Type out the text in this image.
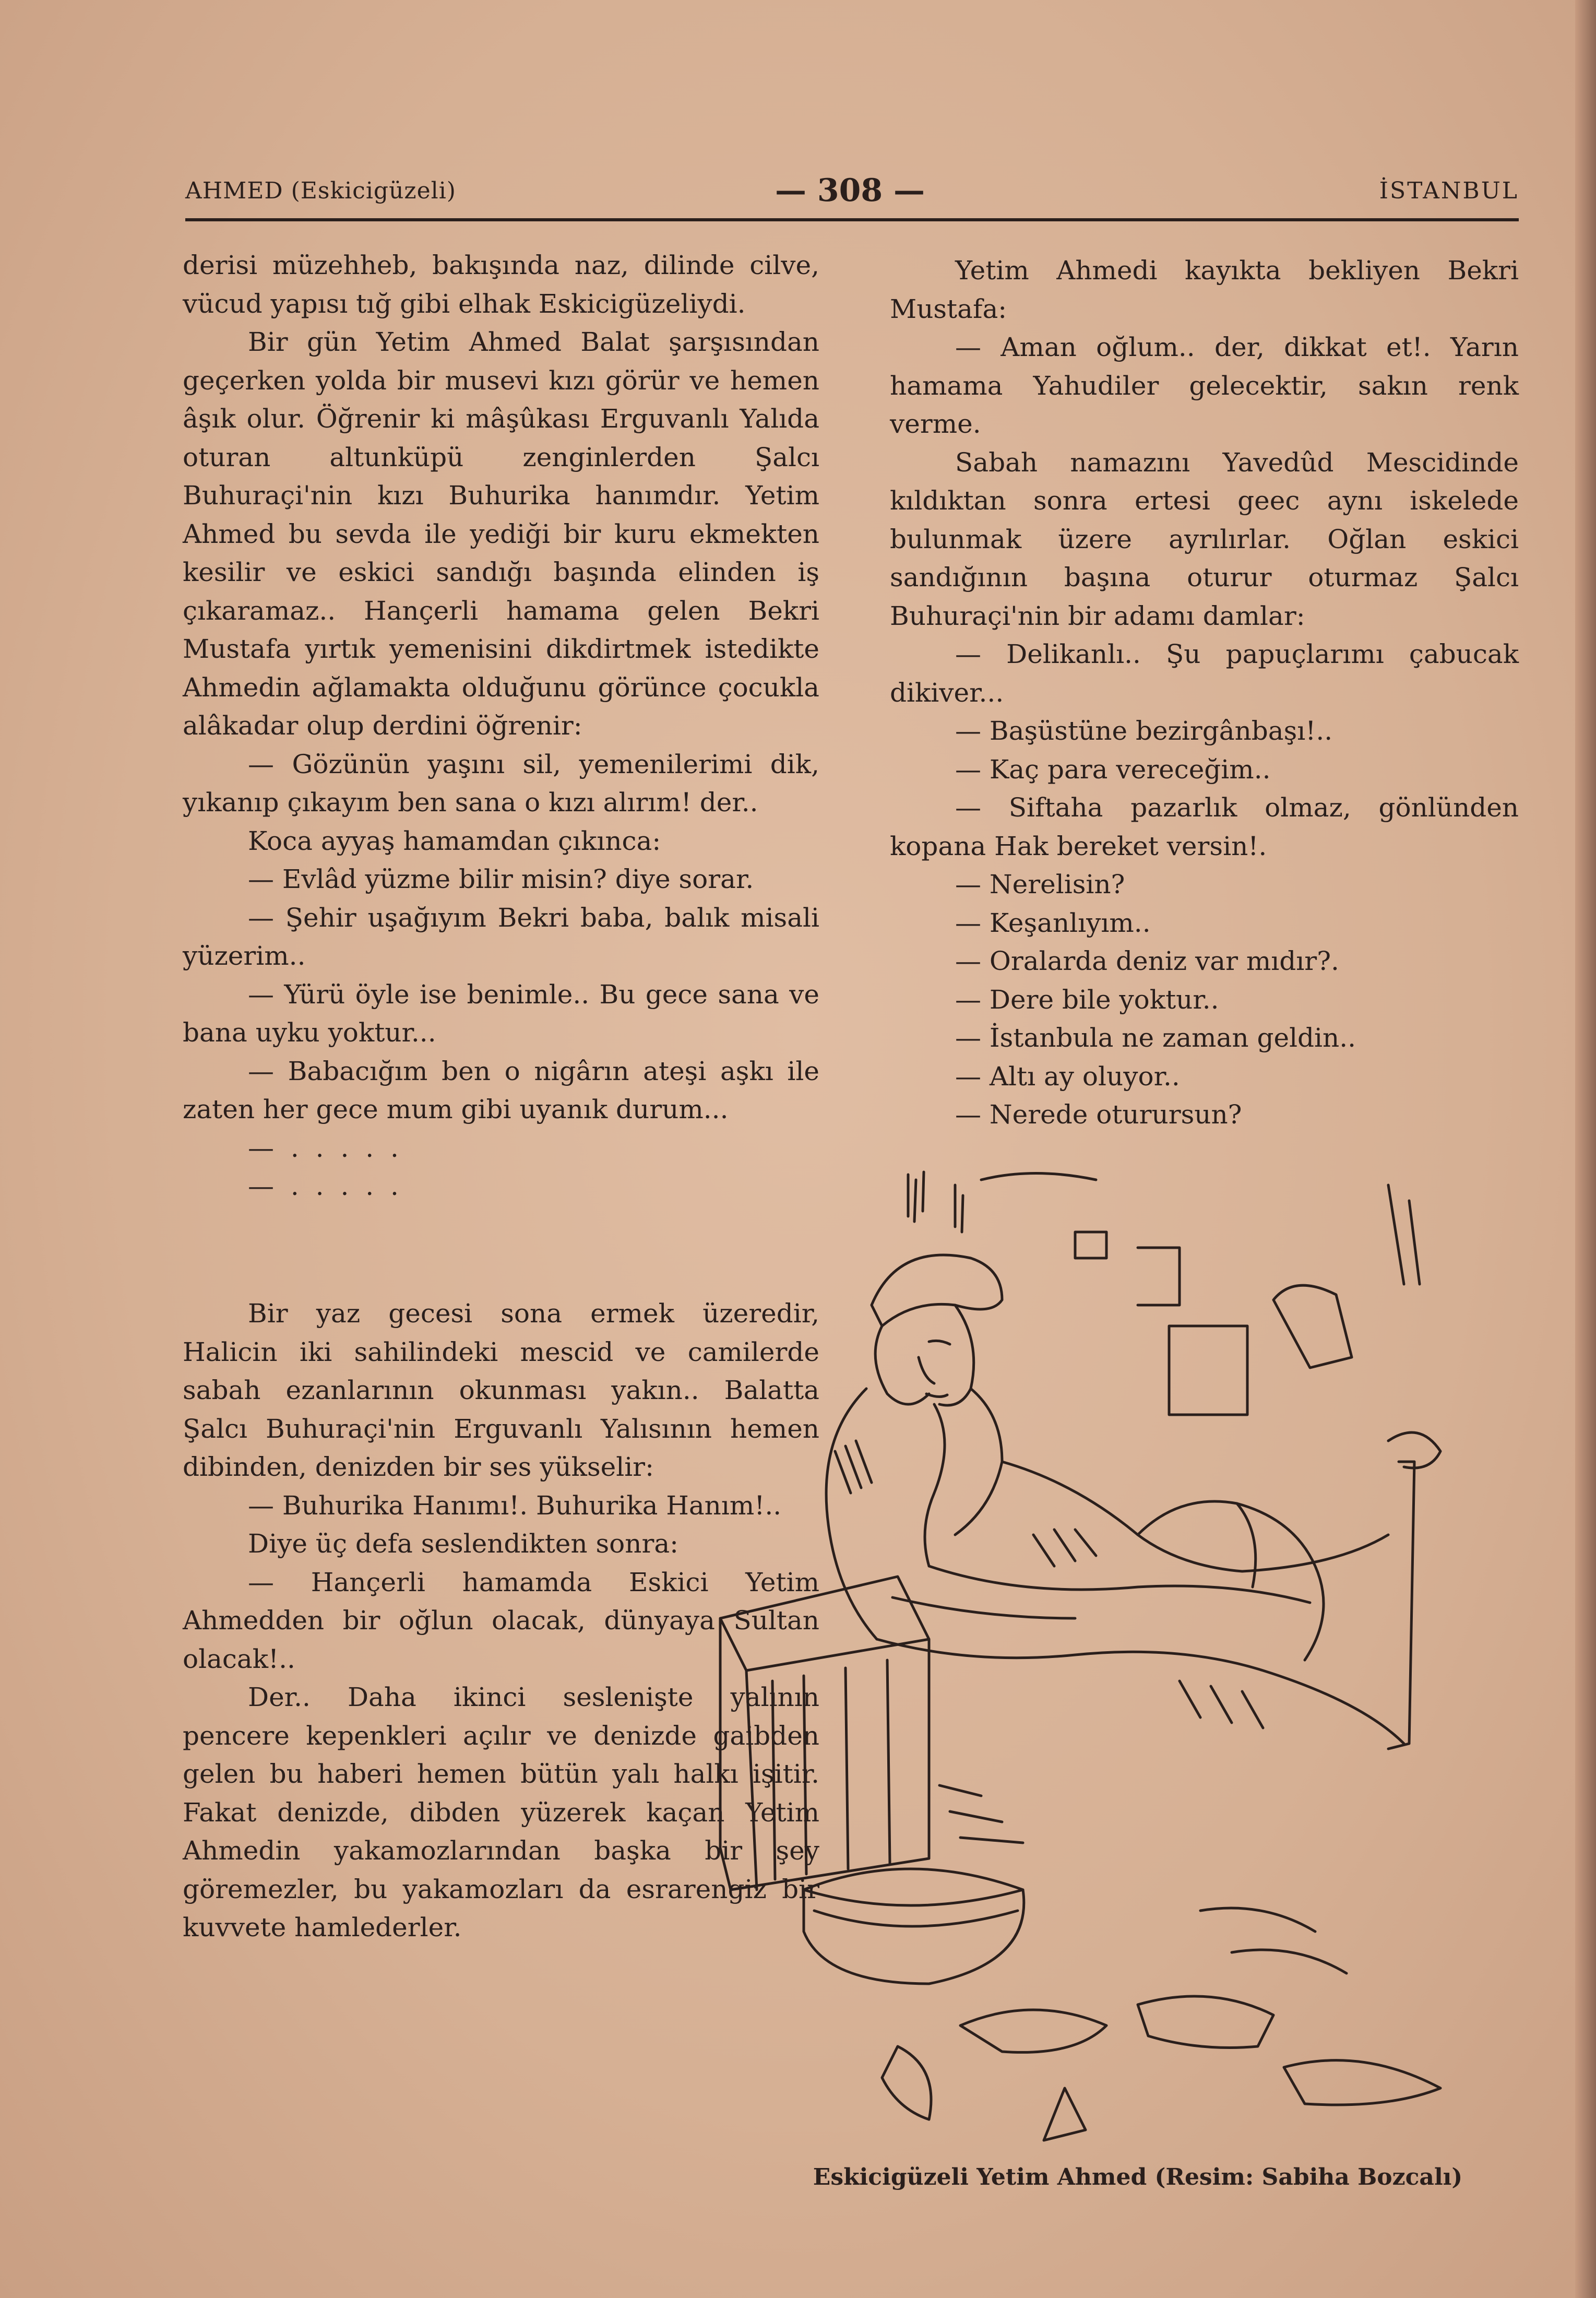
AHMED (Eskicigüzeli)	— 308 —	İSTANBUL

derisi müzehheb, bakışında naz, dilinde cilve, vücud yapısı tığ gibi elhak Eskicigüzeliydi.

Bir gün Yetim Ahmed Balat şarşısından geçerken yolda bir musevi kızı görür ve hemen âşık olur. Öğrenir ki mâşûkası Erguvanlı Yalıda oturan altunküpü zenginlerden Şalcı Buhuraçi'nin kızı Buhurika hanımdır. Yetim Ahmed bu sevda ile yediği bir kuru ekmekten kesilir ve eskici sandığı başında elinden iş çıkaramaz.. Hançerli hamama gelen Bekri Mustafa yırtık yemenisini dikdirtmek istedikte Ahmedin ağlamakta olduğunu görünce çocukla alâkadar olup derdini öğrenir:

— Gözünün yaşını sil, yemenilerimi dik, yıkanıp çıkayım ben sana o kızı alırım! der..

Koca ayyaş hamamdan çıkınca:

— Evlâd yüzme bilir misin? diye sorar.

— Şehir uşağıyım Bekri baba, balık misali yüzerim..

— Yürü öyle ise benimle.. Bu gece sana ve bana uyku yoktur...

— Babacığım ben o nigârın ateşi aşkı ile zaten her gece mum gibi uyanık durum...

— . . . . .

— . . . . .

Bir yaz gecesi sona ermek üzeredir, Halicin iki sahilindeki mescid ve camilerde sabah ezanlarının okunması yakın.. Balatta Şalcı Buhuraçi'nin Erguvanlı Yalısının hemen dibinden, denizden bir ses yükselir:

— Buhurika Hanımı!. Buhurika Hanım!..

Diye üç defa seslendikten sonra:

— Hançerli hamamda Eskici Yetim Ahmedden bir oğlun olacak, dünyaya Sultan olacak!..

Der.. Daha ikinci seslenişte yalının pencere kepenkleri açılır ve denizde gaibden gelen bu haberi hemen bütün yalı halkı işitir. Fakat denizde, dibden yüzerek kaçan Yetim Ahmedin yakamozlarından başka bir şey göremezler, bu yakamozları da esrarengiz bir kuvvete hamlederler.

Yetim Ahmedi kayıkta bekliyen Bekri Mustafa:

— Aman oğlum.. der, dikkat et!. Yarın hamama Yahudiler gelecektir, sakın renk verme.

Sabah namazını Yavedûd Mescidinde kıldıktan sonra ertesi geec aynı iskelede bulunmak üzere ayrılırlar. Oğlan eskici sandığının başına oturur oturmaz Şalcı Buhuraçi'nin bir adamı damlar:

— Delikanlı.. Şu papuçlarımı çabucak dikiver...

— Başüstüne bezirgânbaşı!..

— Kaç para vereceğim..

— Siftaha pazarlık olmaz, gönlünden kopana Hak bereket versin!.

— Nerelisin?

— Keşanlıyım..

— Oralarda deniz var mıdır?.

— Dere bile yoktur..

— İstanbula ne zaman geldin..

— Altı ay oluyor..

— Nerede oturursun?

Eskicigüzeli Yetim Ahmed (Resim: Sabiha Bozcalı)
